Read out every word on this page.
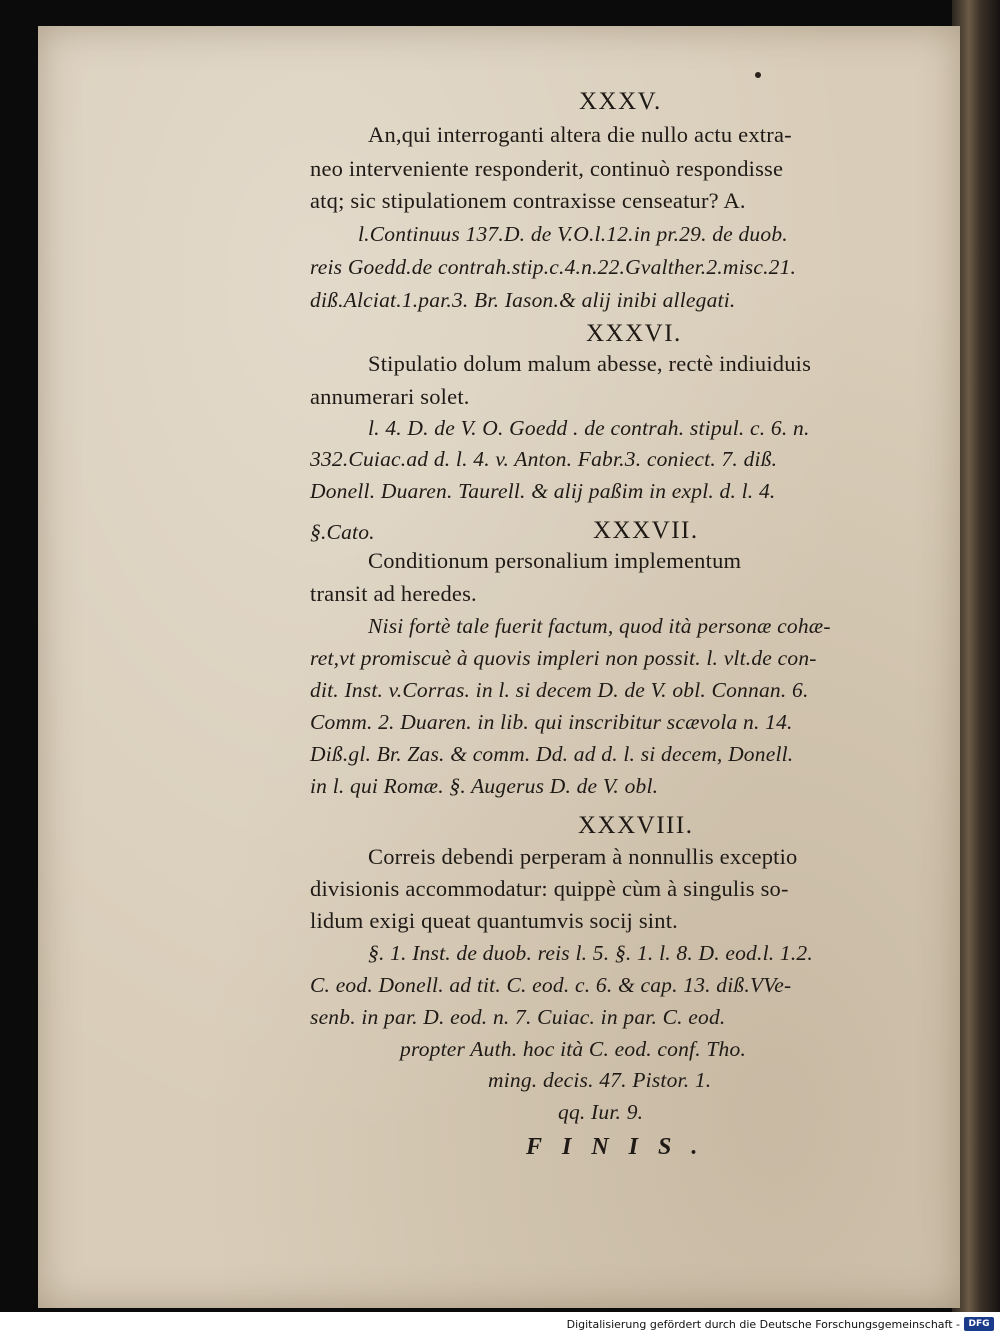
XXXV.
An,qui interroganti altera die nullo actu extra-
neo interveniente responderit, continuò respondisse
atq; sic stipulationem contraxisse censeatur? A.
l.Continuus 137.D. de V.O.l.12.in pr.29. de duob.
reis Goedd.de contrah.stip.c.4.n.22.Gvalther.2.misc.21.
diß.Alciat.1.par.3. Br. Iason.& alij inibi allegati.
XXXVI.
Stipulatio dolum malum abesse, rectè indiuiduis
annumerari solet.
l. 4. D. de V. O. Goedd . de contrah. stipul. c. 6. n.
332.Cuiac.ad d. l. 4. v. Anton. Fabr.3. coniect. 7. diß.
Donell. Duaren. Taurell. & alij paßim in expl. d. l. 4.
§.Cato.	XXXVII.
Conditionum personalium implementum
transit ad heredes.
Nisi fortè tale fuerit factum, quod ità personæ cohæ-
ret,vt promiscuè à quovis impleri non possit. l. vlt.de con-
dit. Inst. v.Corras. in l. si decem D. de V. obl. Connan. 6.
Comm. 2. Duaren. in lib. qui inscribitur scævola n. 14.
Diß.gl. Br. Zas. & comm. Dd. ad d. l. si decem, Donell.
in l. qui Romæ. §. Augerus D. de V. obl.
XXXVIII.
Correis debendi perperam à nonnullis exceptio
divisionis accommodatur: quippè cùm à singulis so-
lidum exigi queat quantumvis socij sint.
§. 1. Inst. de duob. reis l. 5. §. 1. l. 8. D. eod.l. 1.2.
C. eod. Donell. ad tit. C. eod. c. 6. & cap. 13. diß.VVe-
senb. in par. D. eod. n. 7. Cuiac. in par. C. eod.
propter Auth. hoc ità C. eod. conf. Tho.
ming. decis. 47. Pistor. 1.
qq. Iur. 9.
FINIS.
Digitalisierung gefördert durch die Deutsche Forschungsgemeinschaft - DFG
